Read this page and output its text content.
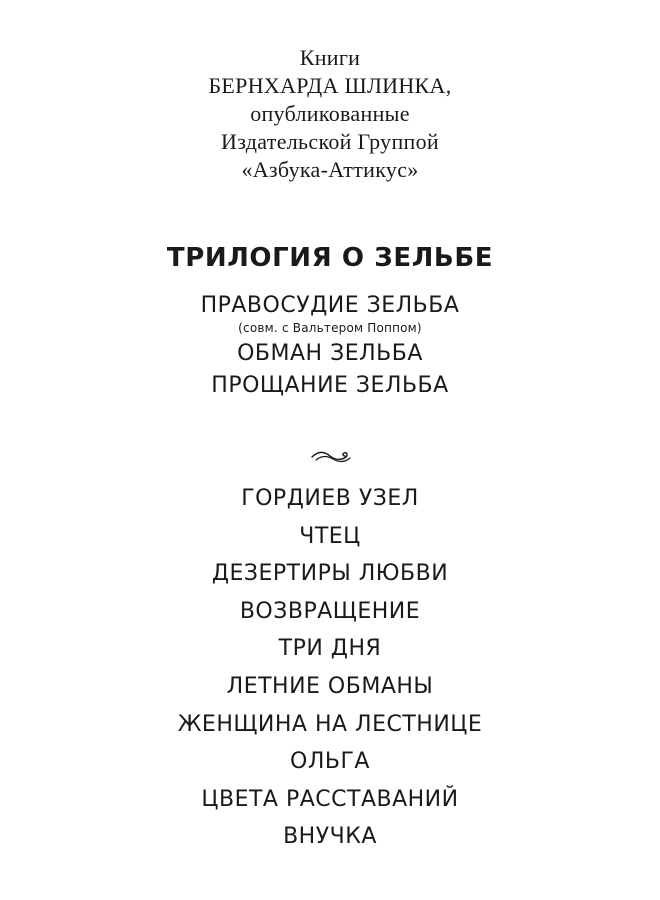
Книги
БЕРНХАРДА ШЛИНКА,
опубликованные
Издательской Группой
«Азбука-Аттикус»
ТРИЛОГИЯ О ЗЕЛЬБЕ
ПРАВОСУДИЕ ЗЕЛЬБА
(совм. с Вальтером Поппом)
ОБМАН ЗЕЛЬБА
ПРОЩАНИЕ ЗЕЛЬБА
ГОРДИЕВ УЗЕЛ
ЧТЕЦ
ДЕЗЕРТИРЫ ЛЮБВИ
ВОЗВРАЩЕНИЕ
ТРИ ДНЯ
ЛЕТНИЕ ОБМАНЫ
ЖЕНЩИНА НА ЛЕСТНИЦЕ
ОЛЬГА
ЦВЕТА РАССТАВАНИЙ
ВНУЧКА
